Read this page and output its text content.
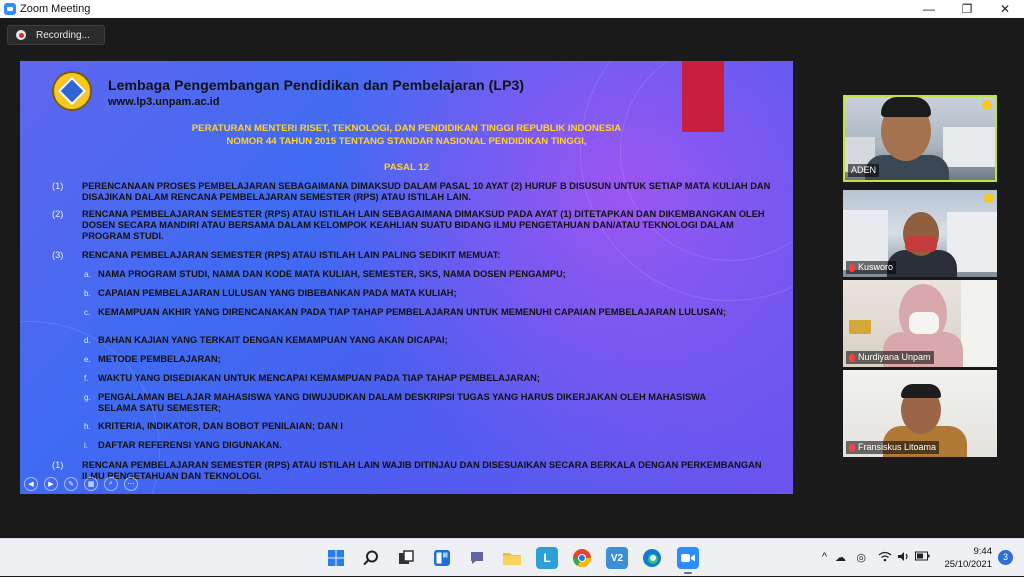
Zoom Meeting	—	❐	✕
Recording...
Lembaga Pengembangan Pendidikan dan Pembelajaran (LP3)
www.lp3.unpam.ac.id
PERATURAN MENTERI RISET, TEKNOLOGI, DAN PENDIDIKAN TINGGI REPUBLIK INDONESIA
NOMOR 44 TAHUN 2015 TENTANG STANDAR NASIONAL PENDIDIKAN TINGGI,
PASAL 12
(1) PERENCANAAN PROSES PEMBELAJARAN SEBAGAIMANA DIMAKSUD DALAM PASAL 10 AYAT (2) HURUF B DISUSUN UNTUK SETIAP MATA KULIAH DAN DISAJIKAN DALAM RENCANA PEMBELAJARAN SEMESTER (RPS) ATAU ISTILAH LAIN.
(2) RENCANA PEMBELAJARAN SEMESTER (RPS) ATAU ISTILAH LAIN SEBAGAIMANA DIMAKSUD PADA AYAT (1) DITETAPKAN DAN DIKEMBANGKAN OLEH DOSEN SECARA MANDIRI ATAU BERSAMA DALAM KELOMPOK KEAHLIAN SUATU BIDANG ILMU PENGETAHUAN DAN/ATAU TEKNOLOGI DALAM PROGRAM STUDI.
(3) RENCANA PEMBELAJARAN SEMESTER (RPS) ATAU ISTILAH LAIN PALING SEDIKIT MEMUAT:
a. NAMA PROGRAM STUDI, NAMA DAN KODE MATA KULIAH, SEMESTER, SKS, NAMA DOSEN PENGAMPU;
b. CAPAIAN PEMBELAJARAN LULUSAN YANG DIBEBANKAN PADA MATA KULIAH;
c. KEMAMPUAN AKHIR YANG DIRENCANAKAN PADA TIAP TAHAP PEMBELAJARAN UNTUK MEMENUHI CAPAIAN PEMBELAJARAN LULUSAN;
d. BAHAN KAJIAN YANG TERKAIT DENGAN KEMAMPUAN YANG AKAN DICAPAI;
e. METODE PEMBELAJARAN;
f. WAKTU YANG DISEDIAKAN UNTUK MENCAPAI KEMAMPUAN PADA TIAP TAHAP PEMBELAJARAN;
g. PENGALAMAN BELAJAR MAHASISWA YANG DIWUJUDKAN DALAM DESKRIPSI TUGAS YANG HARUS DIKERJAKAN OLEH MAHASISWA SELAMA SATU SEMESTER;
h. KRITERIA, INDIKATOR, DAN BOBOT PENILAIAN; DAN I
i. DAFTAR REFERENSI YANG DIGUNAKAN.
(1) RENCANA PEMBELAJARAN SEMESTER (RPS) ATAU ISTILAH LAIN WAJIB DITINJAU DAN DISESUAIKAN SECARA BERKALA DENGAN PERKEMBANGAN ILMU PENGETAHUAN DAN TEKNOLOGI.
◀	▶	✎	▦	⌕	⋯
ADEN
Kusworo
Nurdiyana Unpam
Fransiskus Litoama
L	V2	^ ☁ ◎
9:44
25/10/2021
3
